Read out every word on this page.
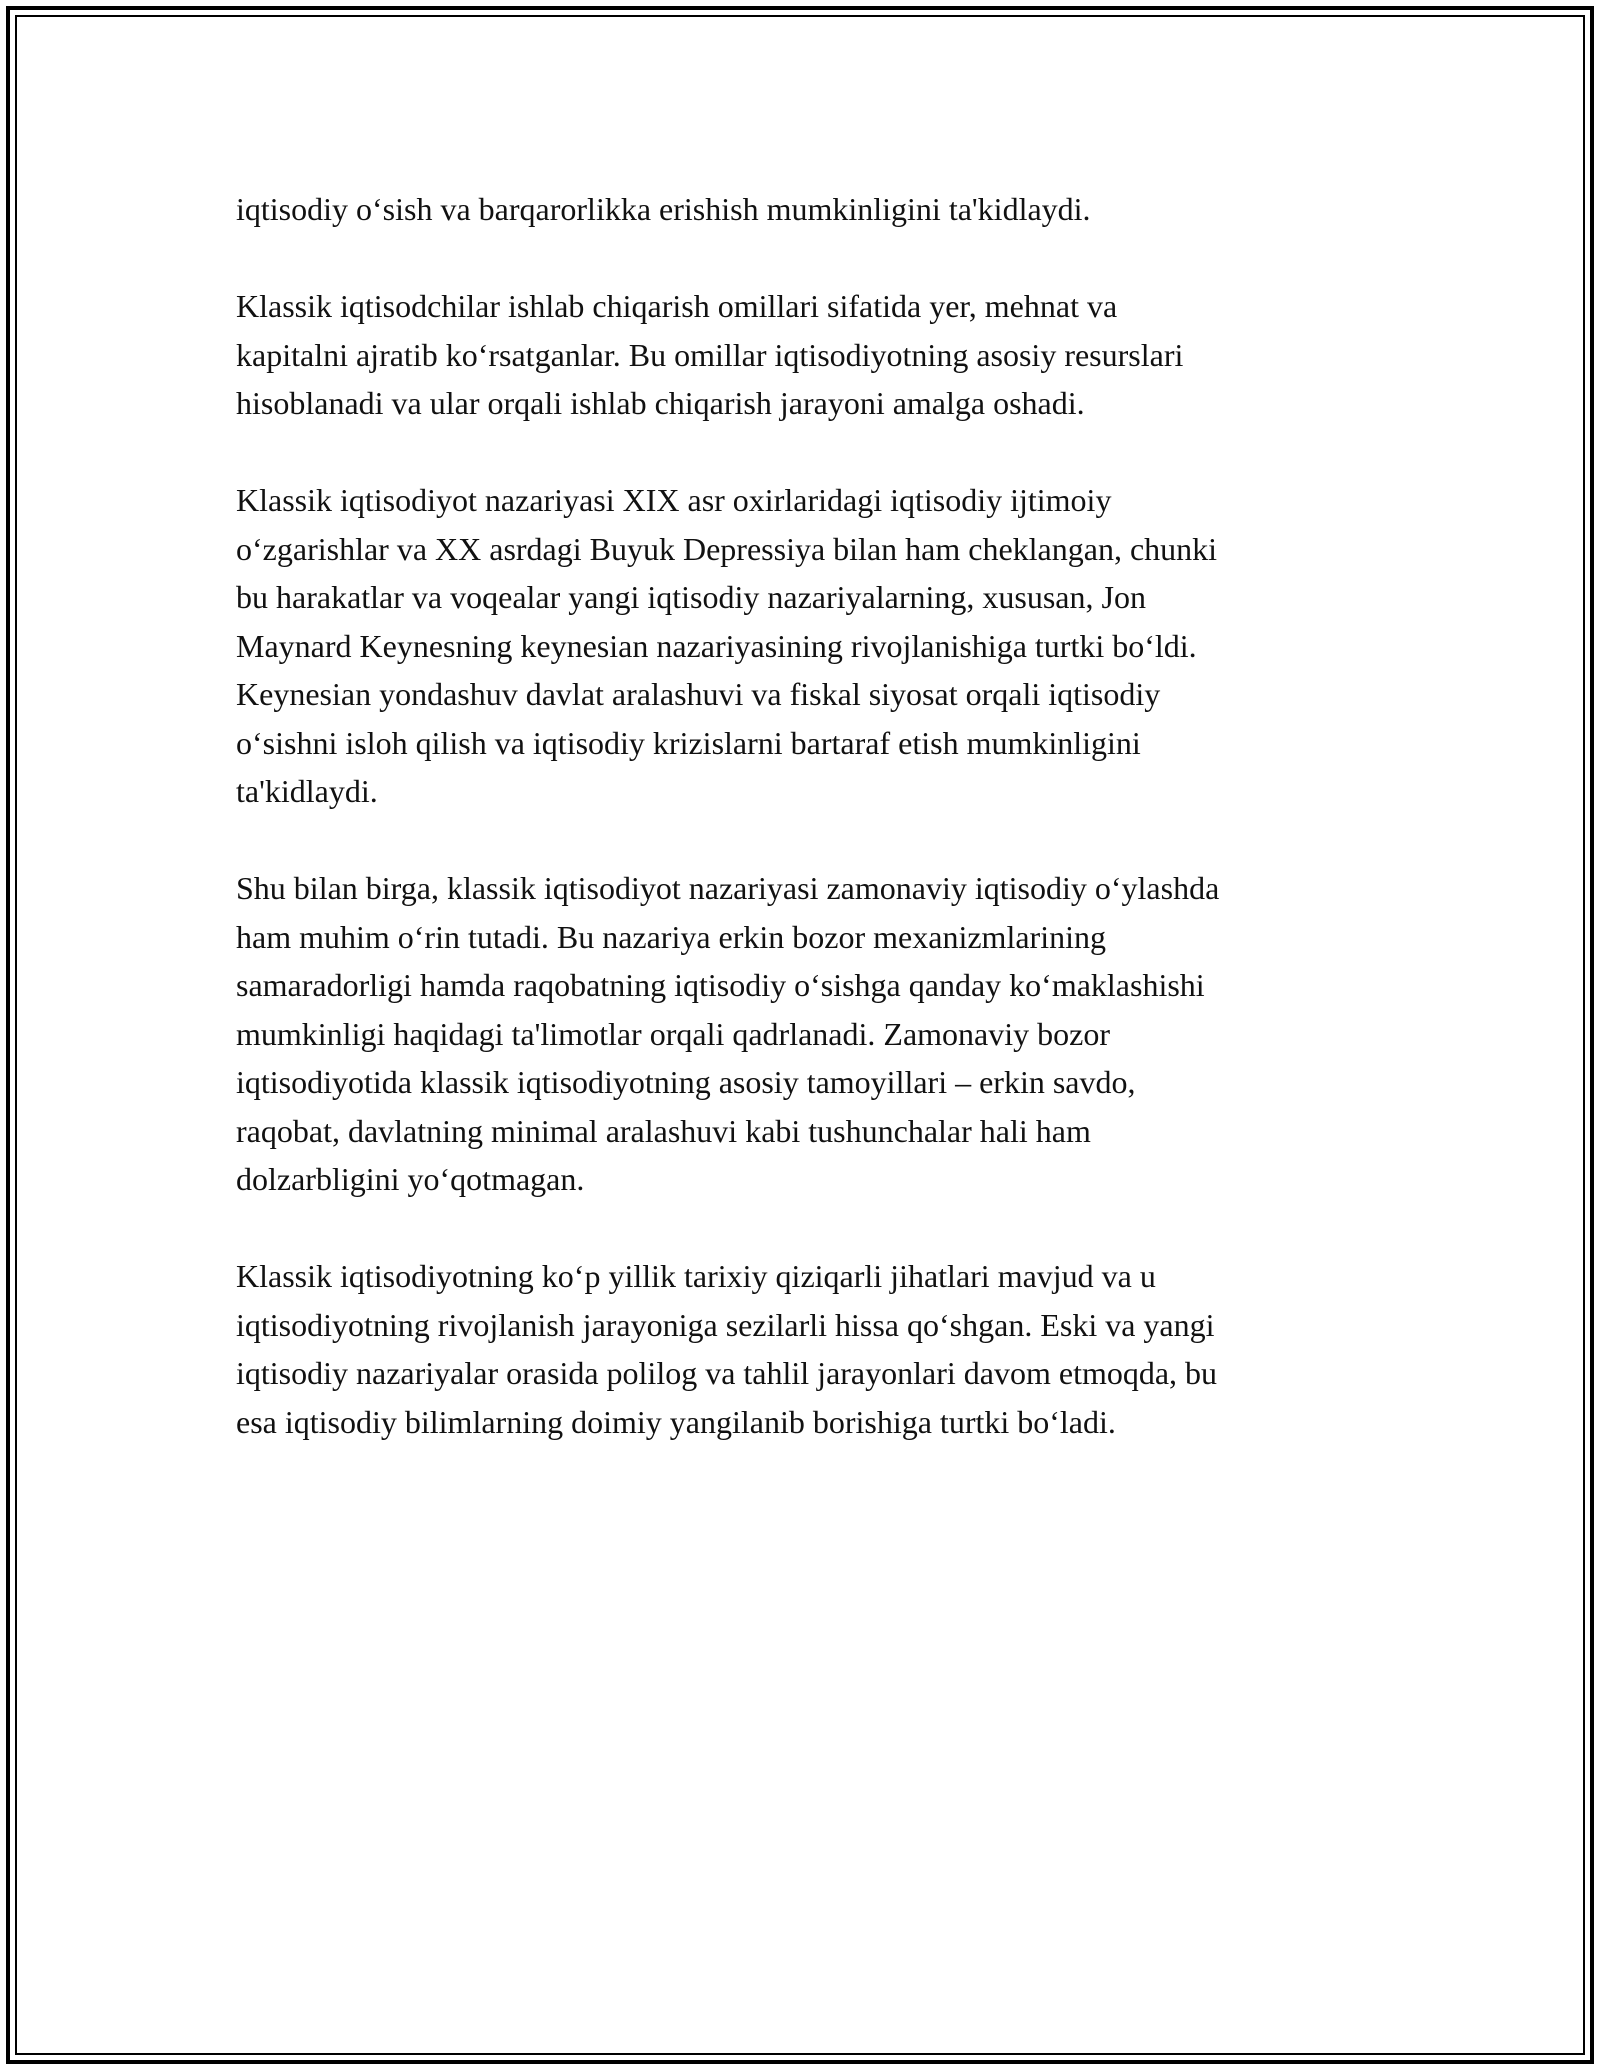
iqtisodiy o‘sish va barqarorlikka erishish mumkinligini ta'kidlaydi.

Klassik iqtisodchilar ishlab chiqarish omillari sifatida yer, mehnat va
kapitalni ajratib ko‘rsatganlar. Bu omillar iqtisodiyotning asosiy resurslari
hisoblanadi va ular orqali ishlab chiqarish jarayoni amalga oshadi.

Klassik iqtisodiyot nazariyasi XIX asr oxirlaridagi iqtisodiy ijtimoiy
o‘zgarishlar va XX asrdagi Buyuk Depressiya bilan ham cheklangan, chunki
bu harakatlar va voqealar yangi iqtisodiy nazariyalarning, xususan, Jon
Maynard Keynesning keynesian nazariyasining rivojlanishiga turtki bo‘ldi.
Keynesian yondashuv davlat aralashuvi va fiskal siyosat orqali iqtisodiy
o‘sishni isloh qilish va iqtisodiy krizislarni bartaraf etish mumkinligini
ta'kidlaydi.

Shu bilan birga, klassik iqtisodiyot nazariyasi zamonaviy iqtisodiy o‘ylashda
ham muhim o‘rin tutadi. Bu nazariya erkin bozor mexanizmlarining
samaradorligi hamda raqobatning iqtisodiy o‘sishga qanday ko‘maklashishi
mumkinligi haqidagi ta'limotlar orqali qadrlanadi. Zamonaviy bozor
iqtisodiyotida klassik iqtisodiyotning asosiy tamoyillari – erkin savdo,
raqobat, davlatning minimal aralashuvi kabi tushunchalar hali ham
dolzarbligini yo‘qotmagan.

Klassik iqtisodiyotning ko‘p yillik tarixiy qiziqarli jihatlari mavjud va u
iqtisodiyotning rivojlanish jarayoniga sezilarli hissa qo‘shgan. Eski va yangi
iqtisodiy nazariyalar orasida polilog va tahlil jarayonlari davom etmoqda, bu
esa iqtisodiy bilimlarning doimiy yangilanib borishiga turtki bo‘ladi.
